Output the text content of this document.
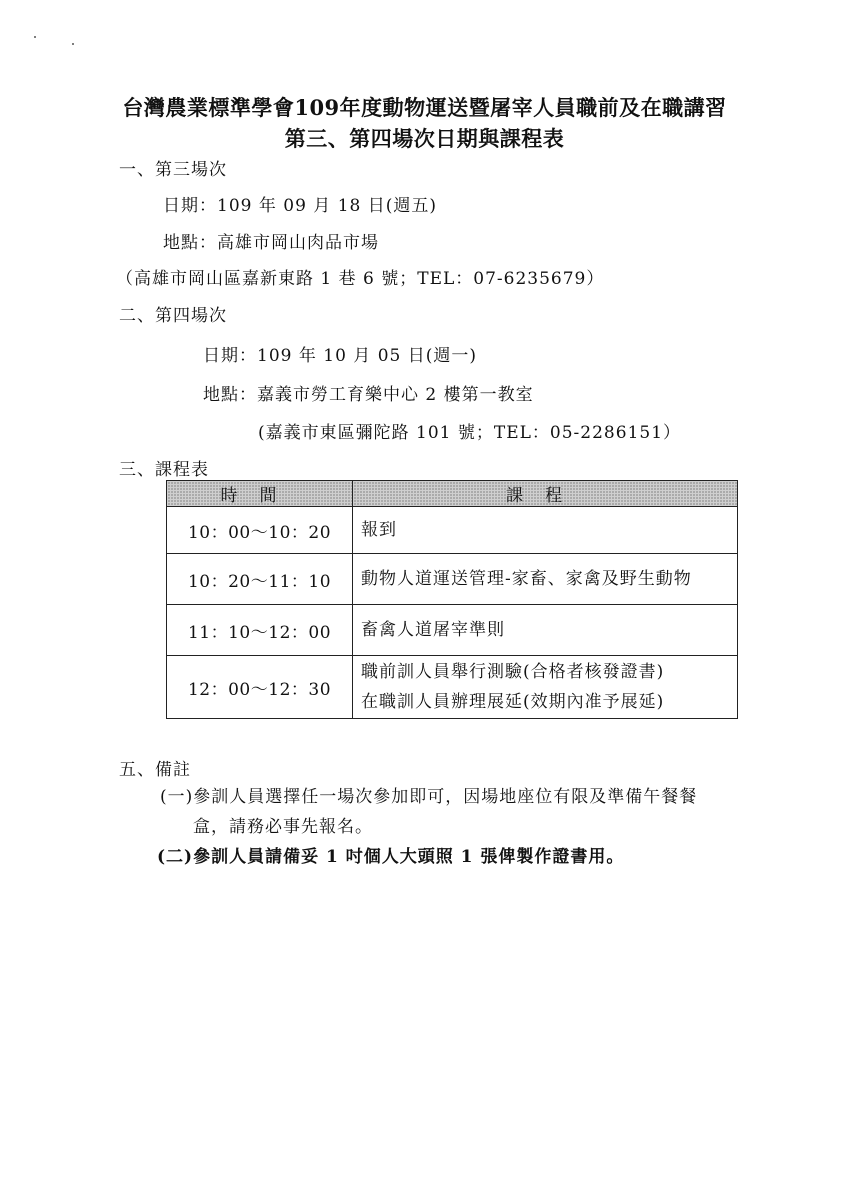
台灣農業標準學會109年度動物運送暨屠宰人員職前及在職講習
第三、第四場次日期與課程表
一、第三場次
日期：109 年 09 月 18 日(週五)
地點：高雄市岡山肉品市場
（高雄市岡山區嘉新東路 1 巷 6 號；TEL：07-6235679）
二、第四場次
日期：109 年 10 月 05 日(週一)
地點：嘉義市勞工育樂中心 2 樓第一教室
(嘉義市東區彌陀路 101 號；TEL：05-2286151）
三、課程表
時間	課程
10：00～10：20	報到

10：20～11：10	動物人道運送管理-家畜、家禽及野生動物

11：10～12：00	畜禽人道屠宰準則

12：00～12：30	職前訓人員舉行測驗(合格者核發證書)
在職訓人員辦理展延(效期內准予展延)
五、備註
(一)參訓人員選擇任一場次參加即可，因場地座位有限及準備午餐餐
盒，請務必事先報名。
(二)參訓人員請備妥 1 吋個人大頭照 1 張俾製作證書用。
